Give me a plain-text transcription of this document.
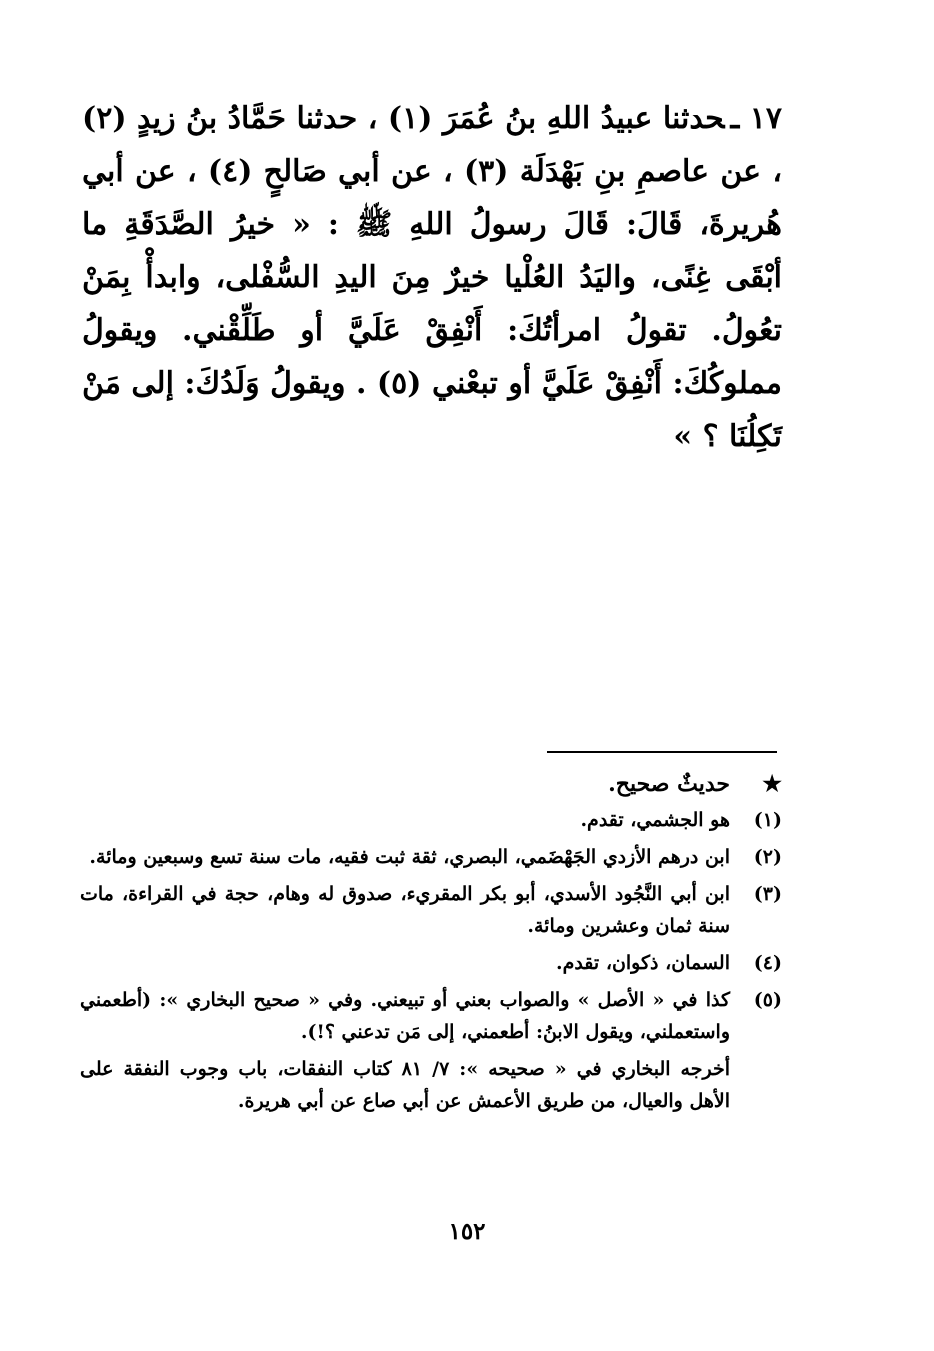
١٧ ـحدثنا عبيدُ اللهِ بنُ عُمَرَ (١) ، حدثنا حَمَّادُ بنُ زيدٍ (٢) ، عن عاصمِ بنِ بَهْدَلَة (٣) ، عن أبي صَالحٍ (٤) ، عن أبي هُريرةَ، قَالَ: قَالَ رسولُ اللهِ ﷺ : « خيرُ الصَّدَقَةِ ما أبْقَى غِنًى، واليَدُ العُلْيا خيرٌ مِنَ اليدِ السُّفْلى، وابدأْ بِمَنْ تعُولُ. تقولُ امرأتُكَ: أَنْفِقْ عَلَيَّ أو طَلِّقْني. ويقولُ مملوكُكَ: أَنْفِقْ عَلَيَّ أو تبعْني (٥) . ويقولُ وَلَدُكَ: إلى مَنْ تَكِلُنَا ؟ »

★
حديثٌ صحيح.
(١)
هو الجشمي، تقدم.
(٢)
ابن درهم الأزدي الجَهْضَمي، البصري، ثقة ثبت فقيه، مات سنة تسع وسبعين ومائة.
(٣)
ابن أبي النَّجُود الأسدي، أبو بكر المقريء، صدوق له وهام، حجة في القراءة، مات سنة ثمان وعشرين ومائة.
(٤)
السمان، ذكوان، تقدم.
(٥)
كذا في « الأصل » والصواب بعني أو تبيعني. وفي « صحيح البخاري »: (أطعمني واستعملني، ويقول الابنُ: أطعمني، إلى مَن تدعني ؟!).
أخرجه البخاري في « صحيحه »: ٧/ ٨١ كتاب النفقات، باب وجوب النفقة على الأهل والعيال، من طريق الأعمش عن أبي صاع عن أبي هريرة.
١٥٢
